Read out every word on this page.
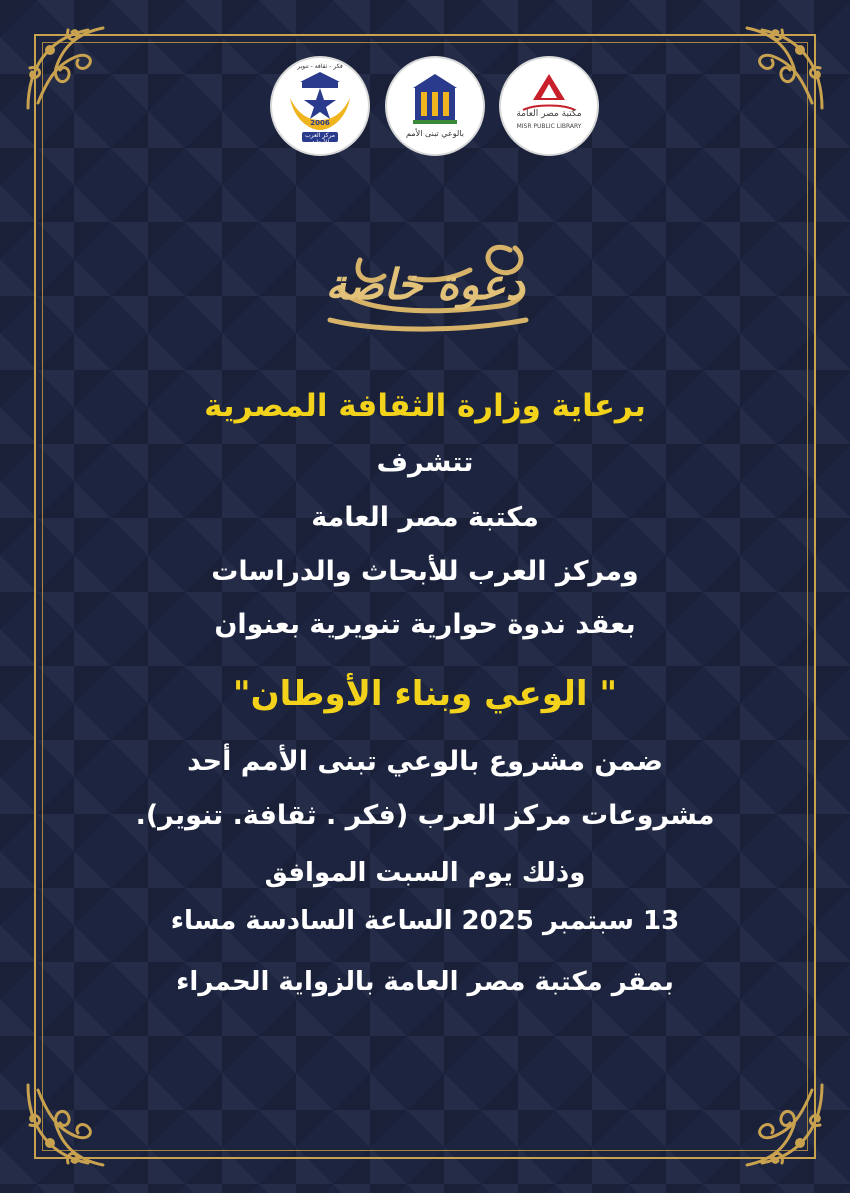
فكر - ثقافة - تنوير
2006
مركز العرب للأبحاث والدراسات
بالوعي تبنى الأمم
مكتبة مصر العامة
MISR PUBLIC LIBRARY
دعوة خاصة
برعاية وزارة الثقافة المصرية
تتشرف
مكتبة مصر العامة
ومركز العرب للأبحاث والدراسات
بعقد ندوة حوارية تنويرية بعنوان
" الوعي وبناء الأوطان"
ضمن مشروع بالوعي تبنى الأمم أحد
مشروعات مركز العرب (فكر . ثقافة. تنوير).
وذلك يوم السبت الموافق
13 سبتمبر 2025 الساعة السادسة مساء
بمقر مكتبة مصر العامة بالزواية الحمراء
